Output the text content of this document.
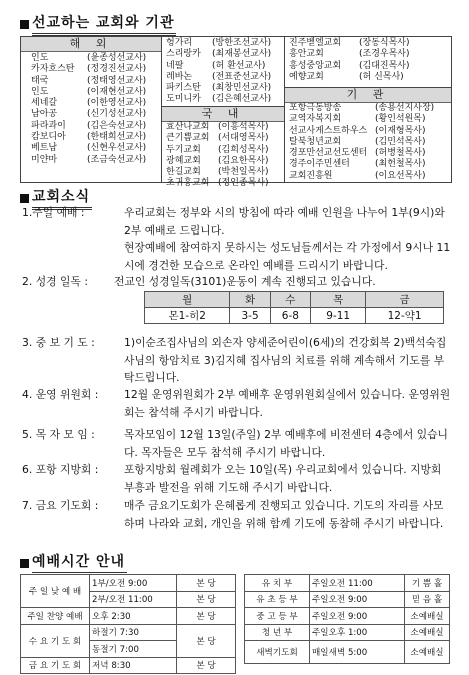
선교하는 교회와 기관
해 외
인도	(윤종성선교사)
카자흐스탄	(정경진선교사)
태국	(정태영선교사)
인도	(이재현선교사)
세네갈	(이한영선교사)
남아공	(신기성선교사)
파라과이	(김은숙선교사)
캄보디아	(한태희선교사)
베트남	(신현우선교사)
미얀마	(조금숙선교사)
헝가리	(방한조선교사)
스리랑카	(최재봉선교사)
네팔	(허 환선교사)
레바논	(전표준선교사)
파키스탄	(최창민선교사)
도미니카	(김은혜선교사)
국 내
효산나교회 (이흥석목사)
큰기쁨교회 (서대영목사)
두기교회	(김희성목사)
광혜교회	(김요한목사)
한길교회	(박천일목사)
초귀흥교회 (정인종목사)
진주벧엘교회	(장동식목사)
흥안교회	(조경우목사)
흥성중앙교회	(김대진목사)
예향교회	(허 신목사)
기 관
포항극동방송	(송용선지사장)
교역자복지회	(황인석원목)
선교사게스트하우스 (이재형목사)
탈북청년교회	(김민석목사)
경포만선교선도센터 (허병철목사)
경주이주민센터	(최헌철목사)
교회진흥원	(이요선목사)
교회소식
1.주일 예배 :	우리교회는 정부와 시의 방침에 따라 예배 인원을 나누어 1부(9시)와 2부 예배로 드립니다.
현장예배에 참여하지 못하시는 성도님들께서는 각 가정에서 9시나 11시에 경건한 모습으로 온라인 예배를 드리시기 바랍니다.
2. 성경 일독 : 전교인 성경일독(3101)운동이 계속 진행되고 있습니다.
월	화	수	목	금
몬1-히2	3-5	6-8	9-11	12-약1
3. 중 보 기 도 :	1)이순조집사님의 외손자 양세준어린이(6세)의 건강회복 2)백석숙집사님의 항암치료 3)김지혜 집사님의 치료를 위해 계속해서 기도를 부탁드립니다.
4. 운영 위원회 : 12월 운영위원회가 2부 예배후 운영위원회실에서 있습니다. 운영위원회는 참석해 주시기 바랍니다.
5. 목 자 모 임 :	목자모임이 12월 13일(주일) 2부 예배후에 비전센터 4층에서 있습니다. 목자들은 모두 참석해 주시기 바랍니다.
6. 포항 지방회 : 포항지방회 월례회가 오는 10일(목) 우리교회에서 있습니다. 지방회 부흥과 발전을 위해 기도해 주시기 바랍니다.
7. 금요 기도회 : 매주 금요기도회가 은혜롭게 진행되고 있습니다. 기도의 자리를 사모하며 나라와 교회, 개인을 위해 함께 기도에 동참해 주시기 바랍니다.
예배시간 안내
주 일 낮 예 배	1부/오전 9:00	본 당
	2부/오전 11:00	본 당
주일 찬양 예배	오후 2:30	본 당
수 요 기 도 회	하절기 7:30	본 당
	동절기 7:00	
금 요 기 도 회	저녁 8:30	본 당
유 치 부	주일오전 11:00	기 쁨 홀
유 초 등 부	주일오전 9:00	믿 음 홀
중 고 등 부	주일오전 9:00	소예배실
청 년 부	주일오후 1:00	소예배실
새벽기도회	매일새벽 5:00	소예배실
